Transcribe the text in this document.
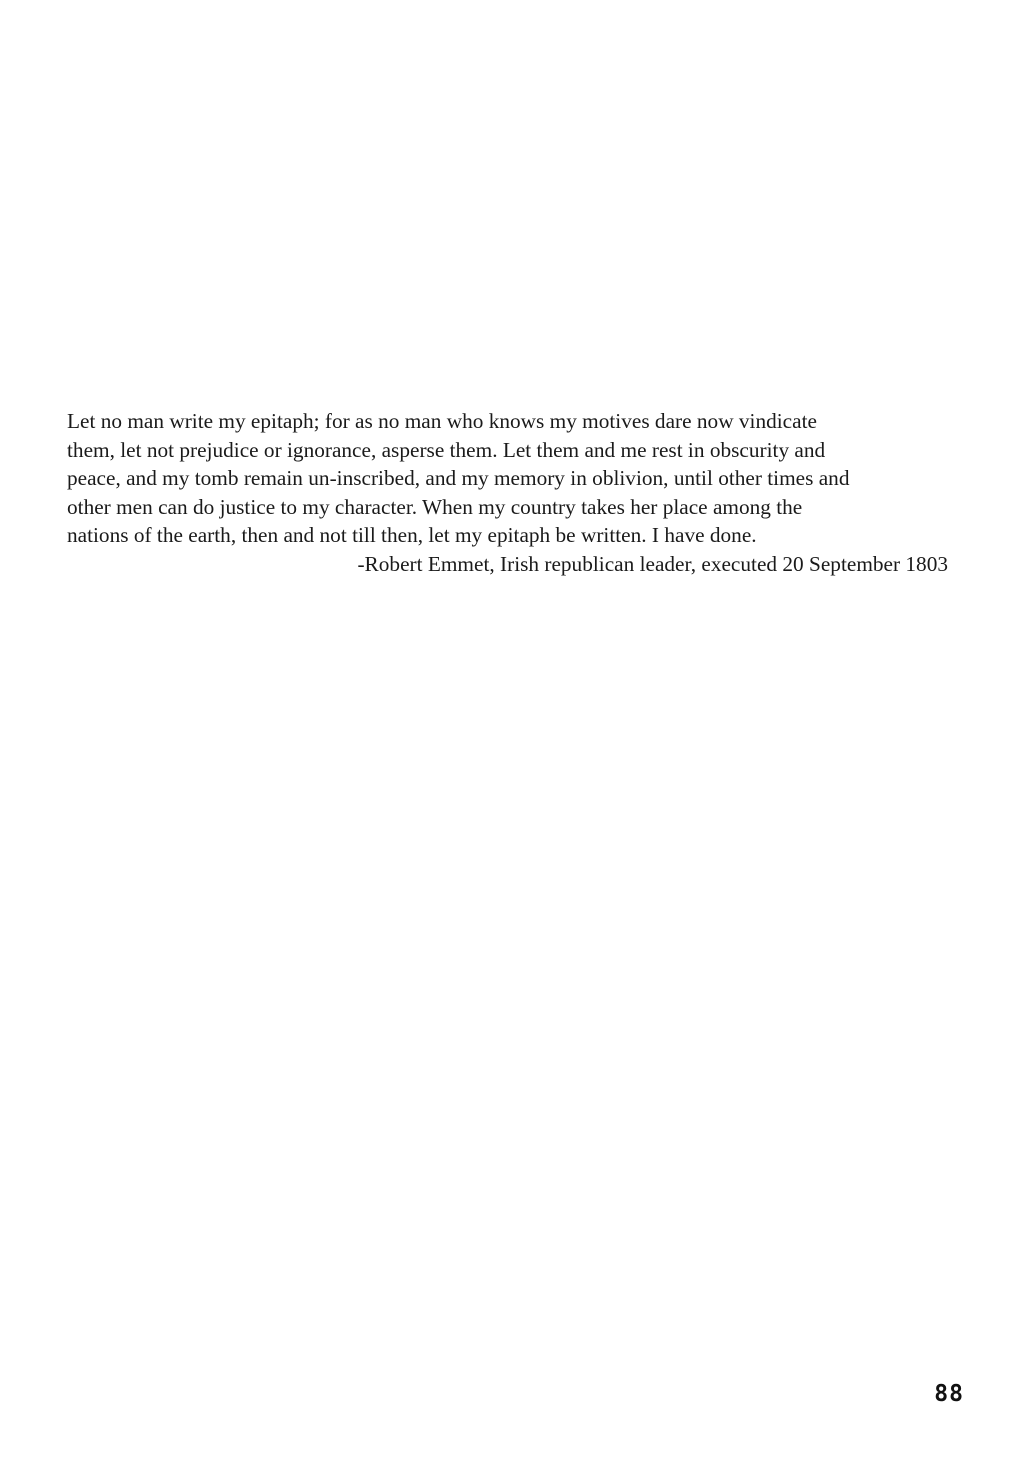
Let no man write my epitaph; for as no man who knows my motives dare now vindicate
them, let not prejudice or ignorance, asperse them. Let them and me rest in obscurity and
peace, and my tomb remain un-inscribed, and my memory in oblivion, until other times and
other men can do justice to my character. When my country takes her place among the
nations of the earth, then and not till then, let my epitaph be written. I have done.
-Robert Emmet, Irish republican leader, executed 20 September 1803
88
